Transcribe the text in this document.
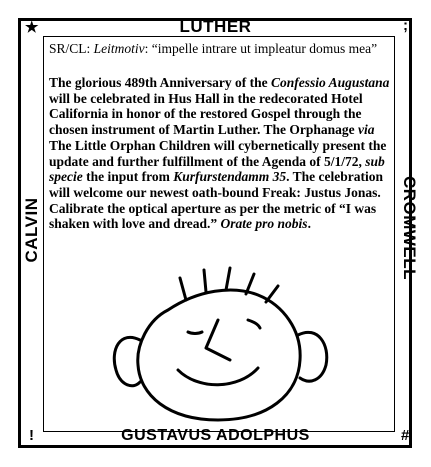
★	;
!	#
LUTHER
GUSTAVUS ADOLPHUS
CALVIN	CROMWELL
SR/CL: Leitmotiv: “impelle intrare ut impleatur domus mea”
The glorious 489th Anniversary of the Confessio Augustana will be celebrated in Hus Hall in the redecorated Hotel California in honor of the restored Gospel through the chosen instrument of Martin Luther. The Orphanage via The Little Orphan Children will cybernetically present the update and further fulfillment of the Agenda of 5/1/72, sub specie the input from Kurfurstendamm 35. The celebration will welcome our newest oath-bound Freak: Justus Jonas. Calibrate the optical aperture as per the metric of “I was shaken with love and dread.” Orate pro nobis.
